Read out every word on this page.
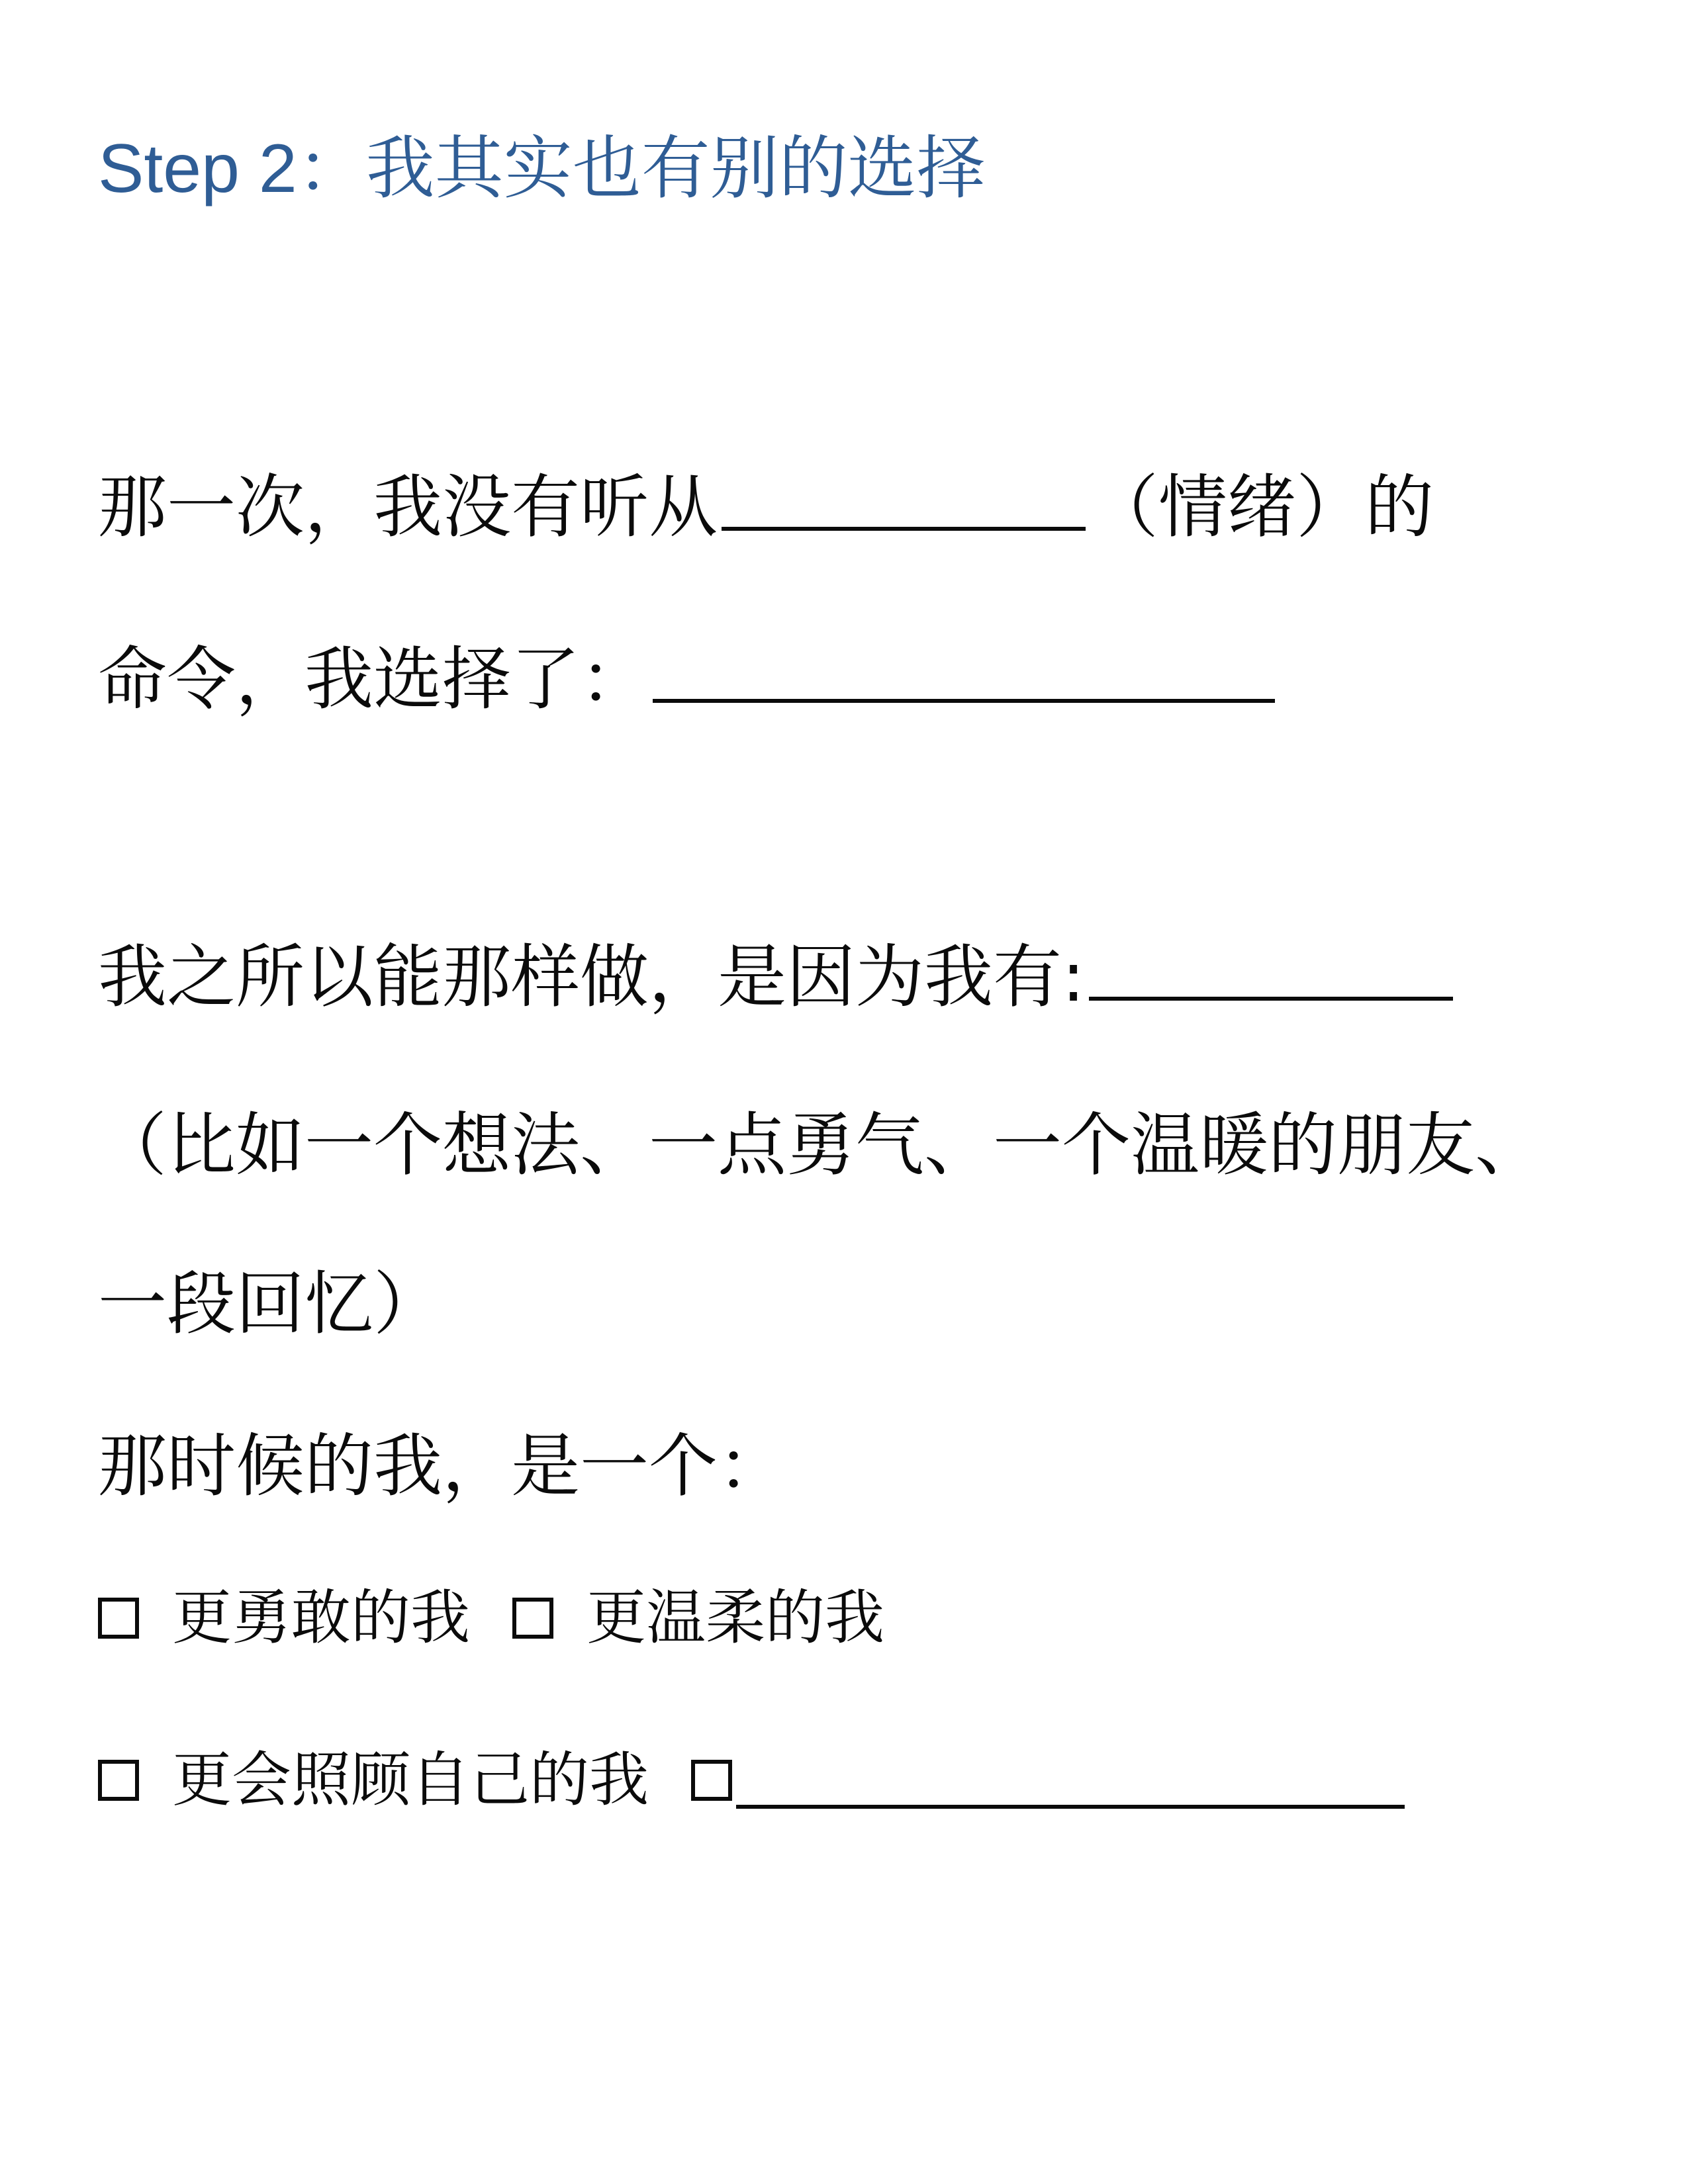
Step 2：我其实也有别的选择
那一次，我没有听从	（情绪）的
命令，我选择了：
我之所以能那样做，是因为我有:
（比如一个想法、一点勇气、一个温暖的朋友、
一段回忆）
那时候的我，是一个：
更勇敢的我 更温柔的我
更会照顾自己的我
